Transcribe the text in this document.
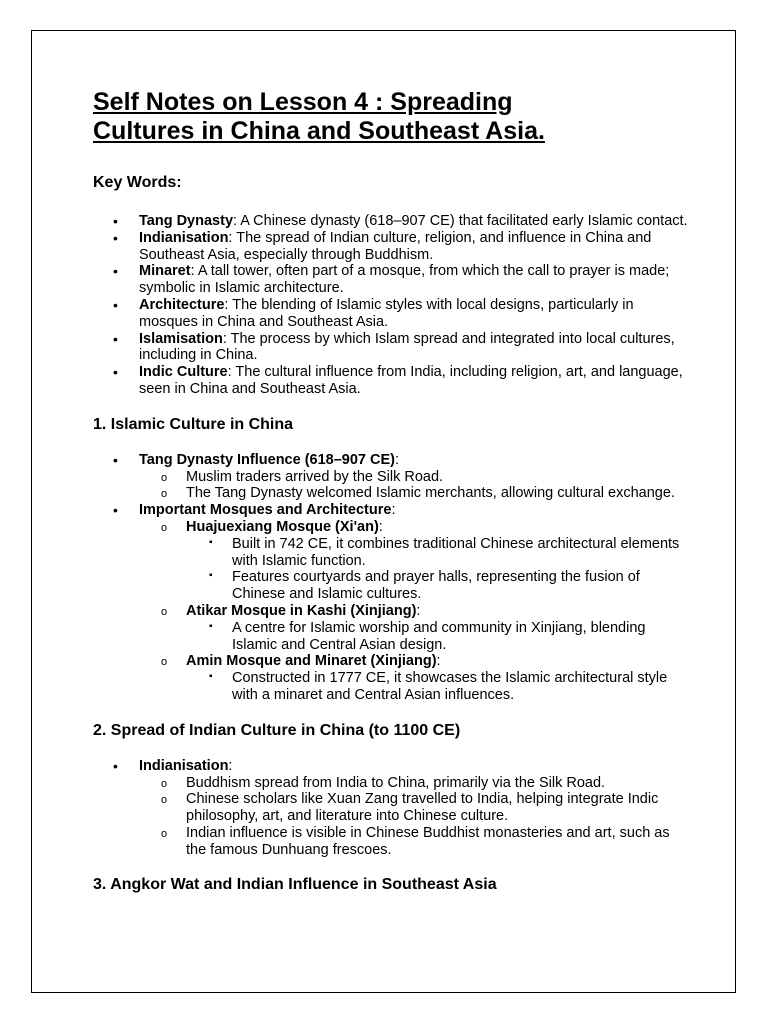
Self Notes on Lesson 4 : Spreading
Cultures in China and Southeast Asia.
Key Words:
• Tang Dynasty: A Chinese dynasty (618–907 CE) that facilitated early Islamic contact.
• Indianisation: The spread of Indian culture, religion, and influence in China and Southeast Asia, especially through Buddhism.
• Minaret: A tall tower, often part of a mosque, from which the call to prayer is made; symbolic in Islamic architecture.
• Architecture: The blending of Islamic styles with local designs, particularly in mosques in China and Southeast Asia.
• Islamisation: The process by which Islam spread and integrated into local cultures, including in China.
• Indic Culture: The cultural influence from India, including religion, art, and language, seen in China and Southeast Asia.
1. Islamic Culture in China
• Tang Dynasty Influence (618–907 CE):
o Muslim traders arrived by the Silk Road.
o The Tang Dynasty welcomed Islamic merchants, allowing cultural exchange.
• Important Mosques and Architecture:
o Huajuexiang Mosque (Xi'an):
▪ Built in 742 CE, it combines traditional Chinese architectural elements with Islamic function.
▪ Features courtyards and prayer halls, representing the fusion of Chinese and Islamic cultures.
o Atikar Mosque in Kashi (Xinjiang):
▪ A centre for Islamic worship and community in Xinjiang, blending Islamic and Central Asian design.
o Amin Mosque and Minaret (Xinjiang):
▪ Constructed in 1777 CE, it showcases the Islamic architectural style with a minaret and Central Asian influences.
2. Spread of Indian Culture in China (to 1100 CE)
• Indianisation:
o Buddhism spread from India to China, primarily via the Silk Road.
o Chinese scholars like Xuan Zang travelled to India, helping integrate Indic philosophy, art, and literature into Chinese culture.
o Indian influence is visible in Chinese Buddhist monasteries and art, such as the famous Dunhuang frescoes.
3. Angkor Wat and Indian Influence in Southeast Asia
